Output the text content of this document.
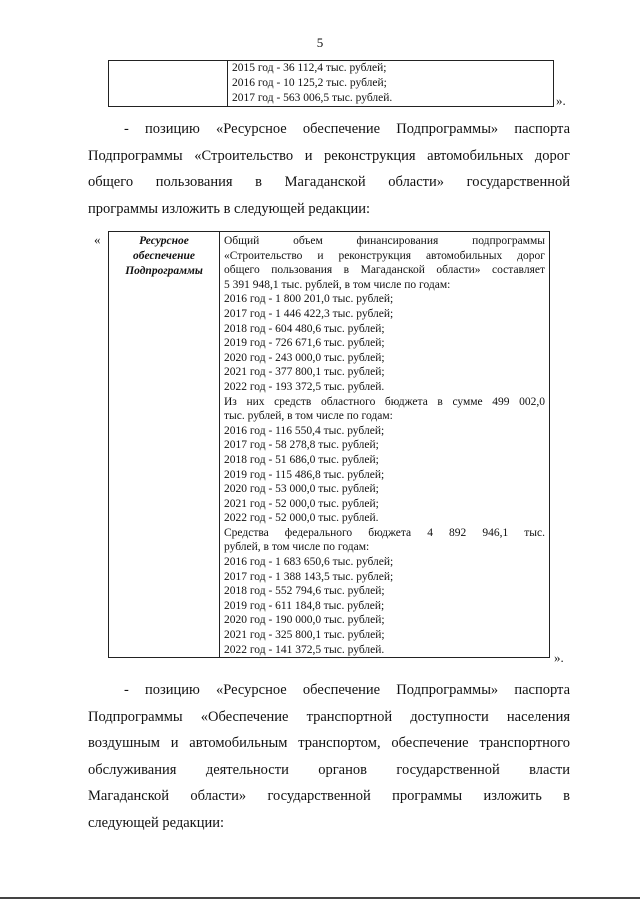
5

2015 год - 36 112,4 тыс. рублей;
2016 год - 10 125,2 тыс. рублей;
2017 год - 563 006,5 тыс. рублей.	».
- позицию «Ресурсное обеспечение Подпрограммы» паспорта
Подпрограммы «Строительство и реконструкция автомобильных дорог
общего пользования в Магаданской области» государственной
программы изложить в следующей редакции:
«	Ресурсное
обеспечение
Подпрограммы

Общий объем финансирования подпрограммы
«Строительство и реконструкция автомобильных дорог
общего пользования в Магаданской области» составляет
5 391 948,1 тыс. рублей, в том числе по годам:
2016 год - 1 800 201,0 тыс. рублей;
2017 год - 1 446 422,3 тыс. рублей;
2018 год - 604 480,6 тыс. рублей;
2019 год - 726 671,6 тыс. рублей;
2020 год - 243 000,0 тыс. рублей;
2021 год - 377 800,1 тыс. рублей;
2022 год - 193 372,5 тыс. рублей.
Из них средств областного бюджета в сумме 499 002,0
тыс. рублей, в том числе по годам:
2016 год - 116 550,4 тыс. рублей;
2017 год - 58 278,8 тыс. рублей;
2018 год - 51 686,0 тыс. рублей;
2019 год - 115 486,8 тыс. рублей;
2020 год - 53 000,0 тыс. рублей;
2021 год - 52 000,0 тыс. рублей;
2022 год - 52 000,0 тыс. рублей.
Средства федерального бюджета 4 892 946,1 тыс.
рублей, в том числе по годам:
2016 год - 1 683 650,6 тыс. рублей;
2017 год - 1 388 143,5 тыс. рублей;
2018 год - 552 794,6 тыс. рублей;
2019 год - 611 184,8 тыс. рублей;
2020 год - 190 000,0 тыс. рублей;
2021 год - 325 800,1 тыс. рублей;
2022 год - 141 372,5 тыс. рублей.
».
- позицию «Ресурсное обеспечение Подпрограммы» паспорта
Подпрограммы «Обеспечение транспортной доступности населения
воздушным и автомобильным транспортом, обеспечение транспортного
обслуживания деятельности органов государственной власти
Магаданской области» государственной программы изложить в
следующей редакции:
